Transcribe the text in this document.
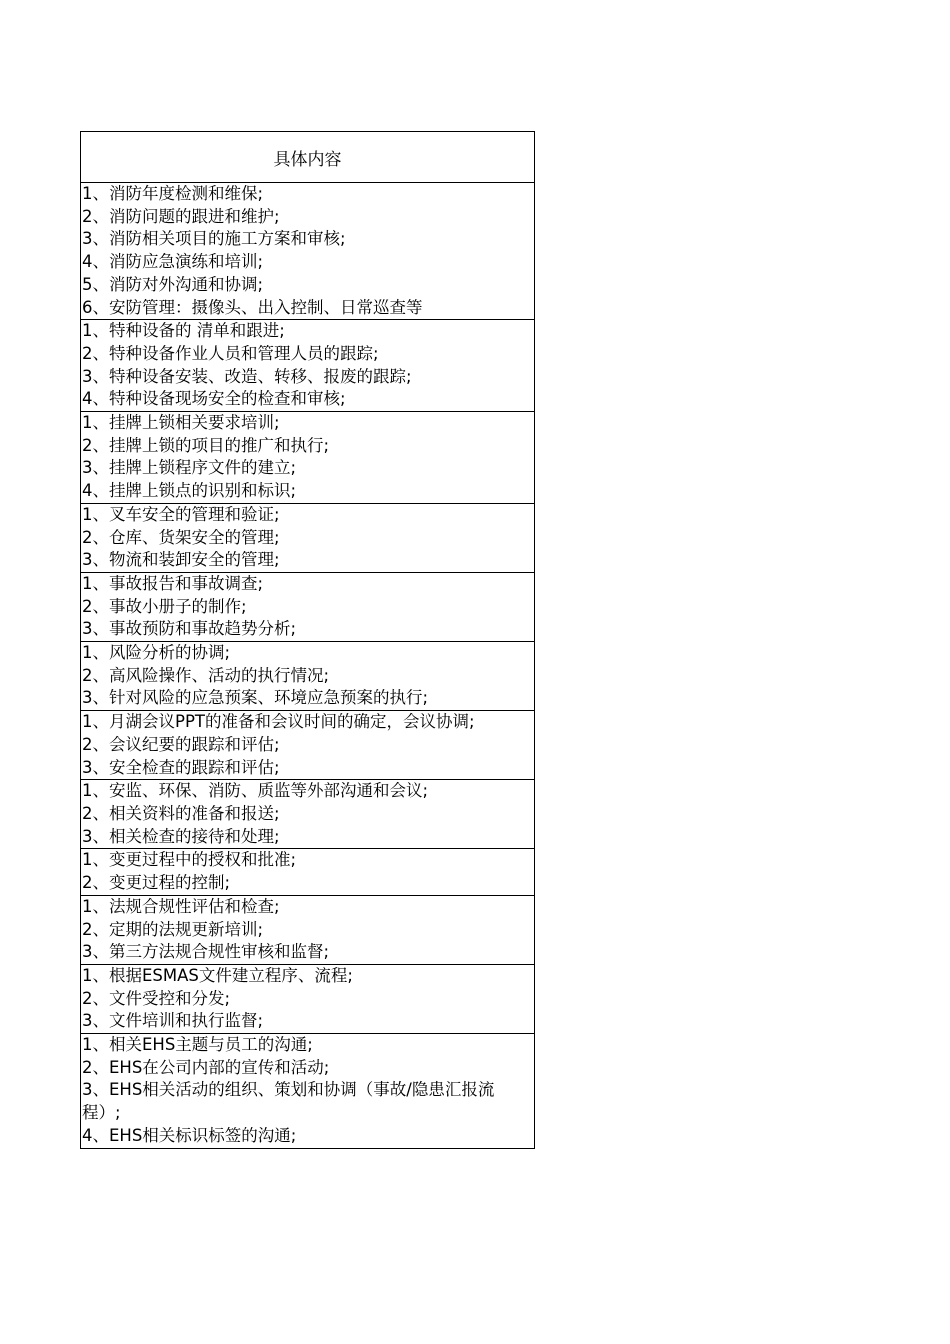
具体内容

1、消防年度检测和维保;
2、消防问题的跟进和维护;
3、消防相关项目的施工方案和审核;
4、消防应急演练和培训;
5、消防对外沟通和协调;
6、安防管理：摄像头、出入控制、日常巡查等

1、特种设备的 清单和跟进;
2、特种设备作业人员和管理人员的跟踪;
3、特种设备安装、改造、转移、报废的跟踪;
4、特种设备现场安全的检查和审核;

1、挂牌上锁相关要求培训;
2、挂牌上锁的项目的推广和执行;
3、挂牌上锁程序文件的建立;
4、挂牌上锁点的识别和标识;

1、叉车安全的管理和验证;
2、仓库、货架安全的管理;
3、物流和装卸安全的管理;

1、事故报告和事故调查;
2、事故小册子的制作;
3、事故预防和事故趋势分析;

1、风险分析的协调;
2、高风险操作、活动的执行情况;
3、针对风险的应急预案、环境应急预案的执行;

1、月湖会议PPT的准备和会议时间的确定，会议协调;
2、会议纪要的跟踪和评估;
3、安全检查的跟踪和评估;

1、安监、环保、消防、质监等外部沟通和会议;
2、相关资料的准备和报送;
3、相关检查的接待和处理;

1、变更过程中的授权和批准;
2、变更过程的控制;

1、法规合规性评估和检查;
2、定期的法规更新培训;
3、第三方法规合规性审核和监督;

1、根据ESMAS文件建立程序、流程;
2、文件受控和分发;
3、文件培训和执行监督;

1、相关EHS主题与员工的沟通;
2、EHS在公司内部的宣传和活动;
3、EHS相关活动的组织、策划和协调（事故/隐患汇报流程）;
4、EHS相关标识标签的沟通;
